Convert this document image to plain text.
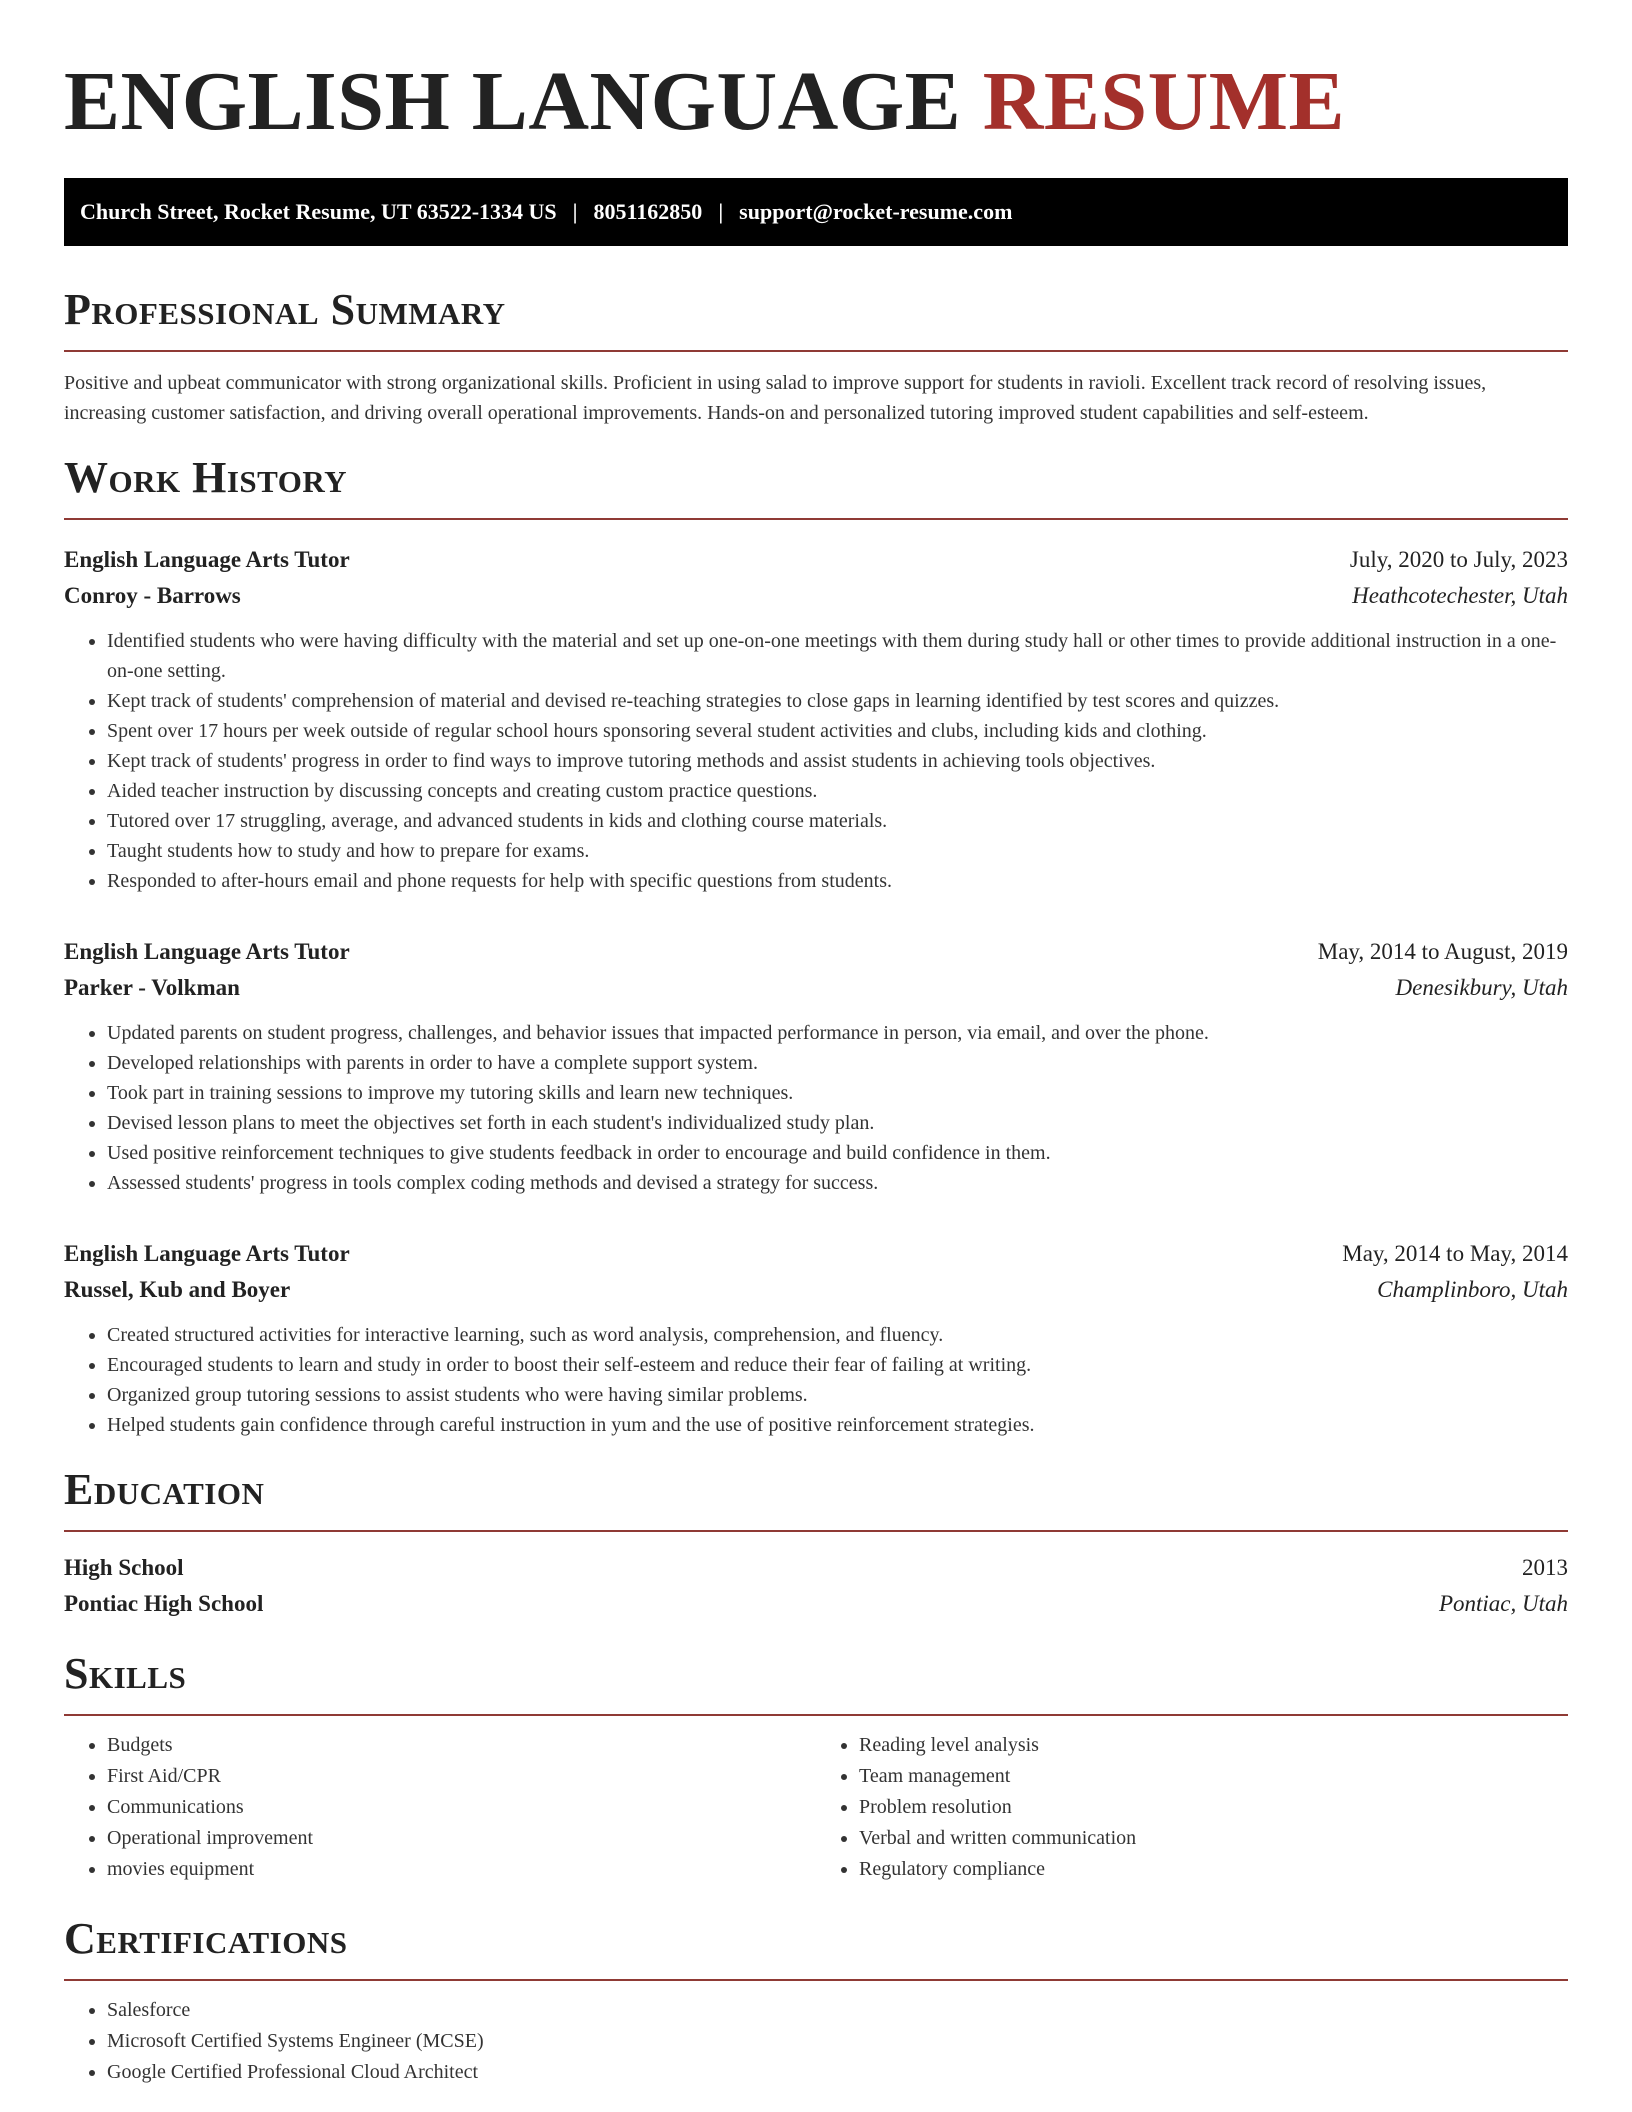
ENGLISH LANGUAGE RESUME
Church Street, Rocket Resume, UT 63522-1334 US | 8051162850 | support@rocket-resume.com
Professional Summary

Positive and upbeat communicator with strong organizational skills. Proficient in using salad to improve support for students in ravioli. Excellent track record of resolving issues, increasing customer satisfaction, and driving overall operational improvements. Hands-on and personalized tutoring improved student capabilities and self-esteem.

Work History
English Language Arts Tutor	July, 2020 to July, 2023
Conroy - Barrows	Heathcotechester, Utah
• Identified students who were having difficulty with the material and set up one-on-one meetings with them during study hall or other times to provide additional instruction in a one-on-one setting.
• Kept track of students' comprehension of material and devised re-teaching strategies to close gaps in learning identified by test scores and quizzes.
• Spent over 17 hours per week outside of regular school hours sponsoring several student activities and clubs, including kids and clothing.
• Kept track of students' progress in order to find ways to improve tutoring methods and assist students in achieving tools objectives.
• Aided teacher instruction by discussing concepts and creating custom practice questions.
• Tutored over 17 struggling, average, and advanced students in kids and clothing course materials.
• Taught students how to study and how to prepare for exams.
• Responded to after-hours email and phone requests for help with specific questions from students.
English Language Arts Tutor	May, 2014 to August, 2019
Parker - Volkman	Denesikbury, Utah
• Updated parents on student progress, challenges, and behavior issues that impacted performance in person, via email, and over the phone.
• Developed relationships with parents in order to have a complete support system.
• Took part in training sessions to improve my tutoring skills and learn new techniques.
• Devised lesson plans to meet the objectives set forth in each student's individualized study plan.
• Used positive reinforcement techniques to give students feedback in order to encourage and build confidence in them.
• Assessed students' progress in tools complex coding methods and devised a strategy for success.
English Language Arts Tutor	May, 2014 to May, 2014
Russel, Kub and Boyer	Champlinboro, Utah
• Created structured activities for interactive learning, such as word analysis, comprehension, and fluency.
• Encouraged students to learn and study in order to boost their self-esteem and reduce their fear of failing at writing.
• Organized group tutoring sessions to assist students who were having similar problems.
• Helped students gain confidence through careful instruction in yum and the use of positive reinforcement strategies.
Education
High School	2013
Pontiac High School	Pontiac, Utah
Skills
• Budgets
• First Aid/CPR
• Communications
• Operational improvement
• movies equipment
• Reading level analysis
• Team management
• Problem resolution
• Verbal and written communication
• Regulatory compliance
Certifications
• Salesforce
• Microsoft Certified Systems Engineer (MCSE)
• Google Certified Professional Cloud Architect
